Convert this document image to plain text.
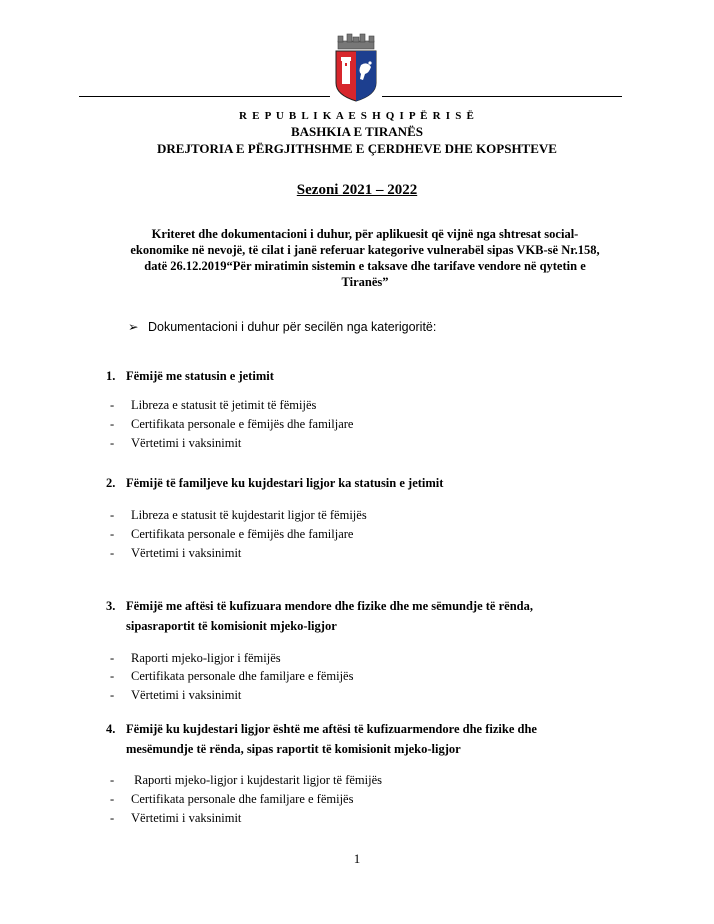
R E P U B L I K A E S H Q I P Ë R I S Ë
BASHKIA E TIRANËS
DREJTORIA E PËRGJITHSHME E ÇERDHEVE DHE KOPSHTEVE
Sezoni 2021 – 2022
Kriteret dhe dokumentacioni i duhur, për aplikuesit që vijnë nga shtresat social-
ekonomike në nevojë, të cilat i janë referuar kategorive vulnerabël sipas VKB-së Nr.158,
datë 26.12.2019“Për miratimin sistemin e taksave dhe tarifave vendore në qytetin e
Tiranës”
➢ Dokumentacioni i duhur për secilën nga katerigoritë:
1. Fëmijë me statusin e jetimit
- Libreza e statusit të jetimit të fëmijës
- Certifikata personale e fëmijës dhe familjare
- Vërtetimi i vaksinimit
2. Fëmijë të familjeve ku kujdestari ligjor ka statusin e jetimit
- Libreza e statusit të kujdestarit ligjor të fëmijës
- Certifikata personale e fëmijës dhe familjare
- Vërtetimi i vaksinimit
3. Fëmijë me aftësi të kufizuara mendore dhe fizike dhe me sëmundje të rënda,
sipasraportit të komisionit mjeko-ligjor
- Raporti mjeko-ligjor i fëmijës
- Certifikata personale dhe familjare e fëmijës
- Vërtetimi i vaksinimit
4. Fëmijë ku kujdestari ligjor është me aftësi të kufizuarmendore dhe fizike dhe
mesëmundje të rënda, sipas raportit të komisionit mjeko-ligjor
- Raporti mjeko-ligjor i kujdestarit ligjor të fëmijës
- Certifikata personale dhe familjare e fëmijës
- Vërtetimi i vaksinimit
1
